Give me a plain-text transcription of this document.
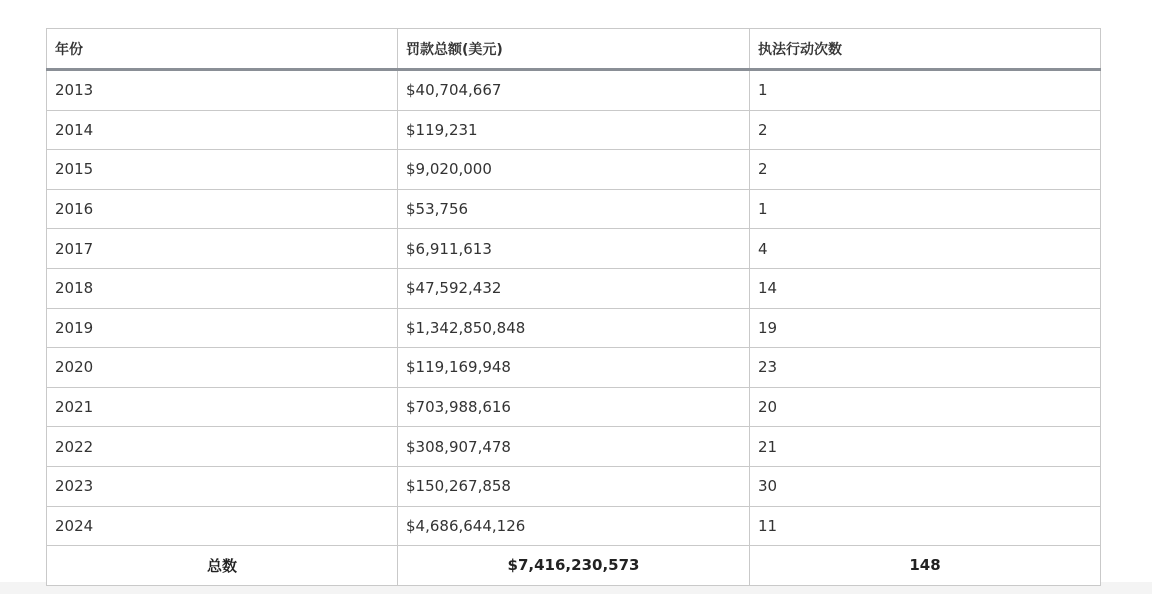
年份	罚款总额(美元)	执法行动次数
2013	$40,704,667	1
2014	$119,231	2
2015	$9,020,000	2
2016	$53,756	1
2017	$6,911,613	4
2018	$47,592,432	14
2019	$1,342,850,848	19
2020	$119,169,948	23
2021	$703,988,616	20
2022	$308,907,478	21
2023	$150,267,858	30
2024	$4,686,644,126	11
总数	$7,416,230,573	148
